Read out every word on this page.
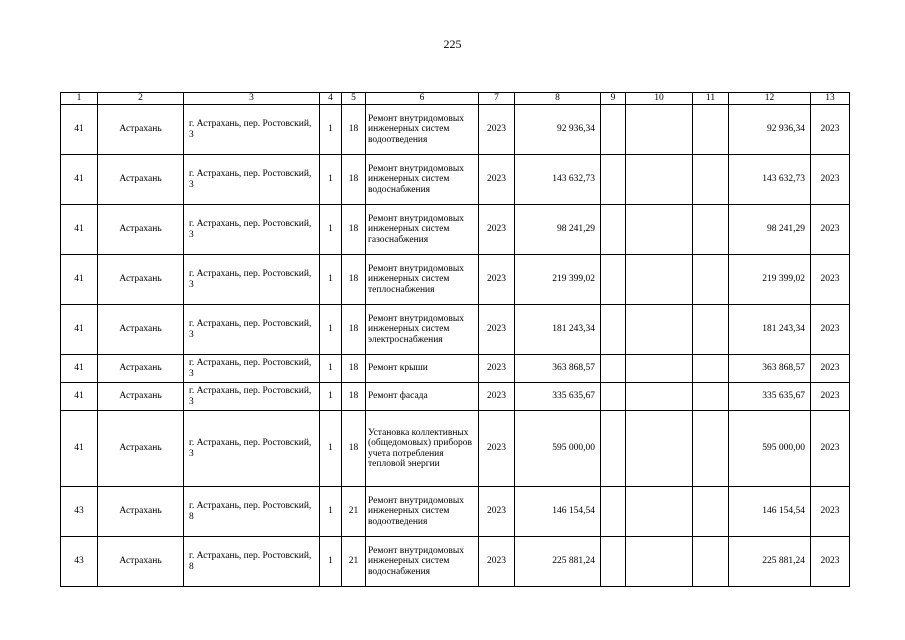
225
1	2	3	4	5	6	7	8	9	10	11	12	13
41	Астрахань	г. Астрахань, пер. Ростовский, 3	1	18	Ремонт внутридомовых инженерных систем водоотведения	2023	92 936,34				92 936,34	2023
41	Астрахань	г. Астрахань, пер. Ростовский, 3	1	18	Ремонт внутридомовых инженерных систем водоснабжения	2023	143 632,73				143 632,73	2023
41	Астрахань	г. Астрахань, пер. Ростовский, 3	1	18	Ремонт внутридомовых инженерных систем газоснабжения	2023	98 241,29				98 241,29	2023
41	Астрахань	г. Астрахань, пер. Ростовский, 3	1	18	Ремонт внутридомовых инженерных систем теплоснабжения	2023	219 399,02				219 399,02	2023
41	Астрахань	г. Астрахань, пер. Ростовский, 3	1	18	Ремонт внутридомовых инженерных систем электроснабжения	2023	181 243,34				181 243,34	2023
41	Астрахань	г. Астрахань, пер. Ростовский, 3	1	18	Ремонт крыши	2023	363 868,57				363 868,57	2023
41	Астрахань	г. Астрахань, пер. Ростовский, 3	1	18	Ремонт фасада	2023	335 635,67				335 635,67	2023
41	Астрахань	г. Астрахань, пер. Ростовский, 3	1	18	Установка коллективных (общедомовых) приборов учета потребления тепловой энергии	2023	595 000,00				595 000,00	2023
43	Астрахань	г. Астрахань, пер. Ростовский, 8	1	21	Ремонт внутридомовых инженерных систем водоотведения	2023	146 154,54				146 154,54	2023
43	Астрахань	г. Астрахань, пер. Ростовский, 8	1	21	Ремонт внутридомовых инженерных систем водоснабжения	2023	225 881,24				225 881,24	2023
